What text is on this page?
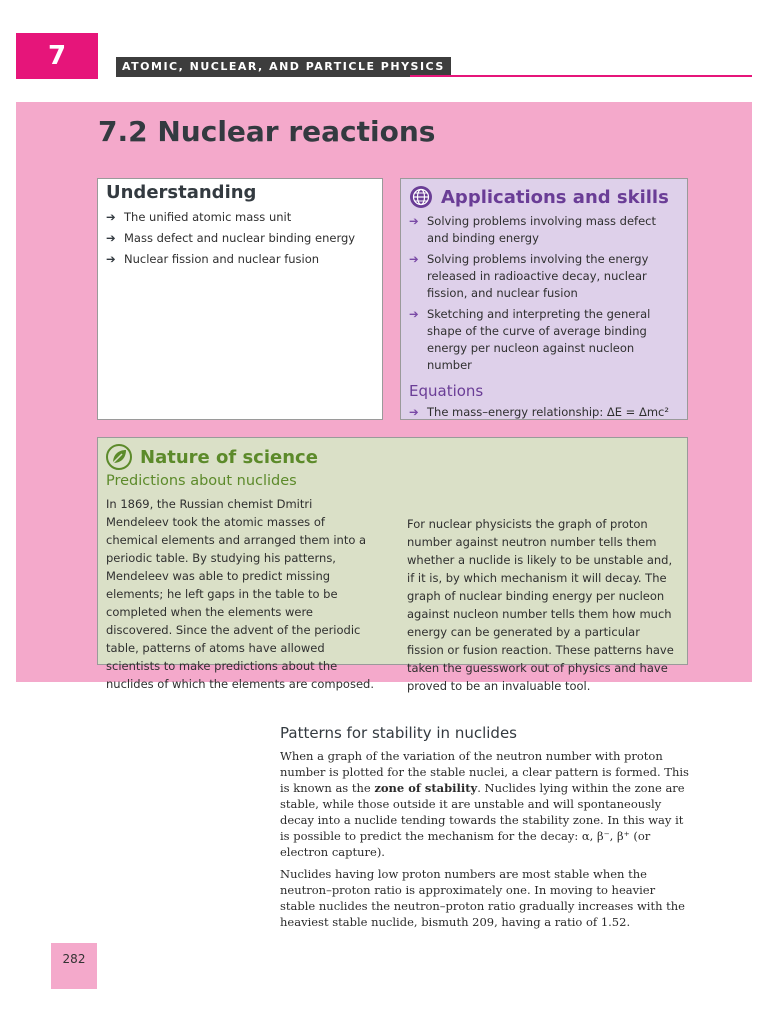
7	ATOMIC, NUCLEAR, AND PARTICLE PHYSICS
7.2 Nuclear reactions
Understanding
➔ The unified atomic mass unit
➔ Mass defect and nuclear binding energy
➔ Nuclear fission and nuclear fusion
Applications and skills
➔ Solving problems involving mass defect and binding energy
➔ Solving problems involving the energy released in radioactive decay, nuclear fission, and nuclear fusion
➔ Sketching and interpreting the general shape of the curve of average binding energy per nucleon against nucleon number
Equations
➔ The mass–energy relationship: ΔE = Δmc²
Nature of science
Predictions about nuclides

In 1869, the Russian chemist Dmitri Mendeleev took the atomic masses of chemical elements and arranged them into a periodic table. By studying his patterns, Mendeleev was able to predict missing elements; he left gaps in the table to be completed when the elements were discovered. Since the advent of the periodic table, patterns of atoms have allowed scientists to make predictions about the nuclides of which the elements are composed.

For nuclear physicists the graph of proton number against neutron number tells them whether a nuclide is likely to be unstable and, if it is, by which mechanism it will decay. The graph of nuclear binding energy per nucleon against nucleon number tells them how much energy can be generated by a particular fission or fusion reaction. These patterns have taken the guesswork out of physics and have proved to be an invaluable tool.

Patterns for stability in nuclides

When a graph of the variation of the neutron number with proton number is plotted for the stable nuclei, a clear pattern is formed. This is known as the zone of stability. Nuclides lying within the zone are stable, while those outside it are unstable and will spontaneously decay into a nuclide tending towards the stability zone. In this way it is possible to predict the mechanism for the decay: α, β⁻, β⁺ (or electron capture).

Nuclides having low proton numbers are most stable when the neutron–proton ratio is approximately one. In moving to heavier stable nuclides the neutron–proton ratio gradually increases with the heaviest stable nuclide, bismuth 209, having a ratio of 1.52.

282
